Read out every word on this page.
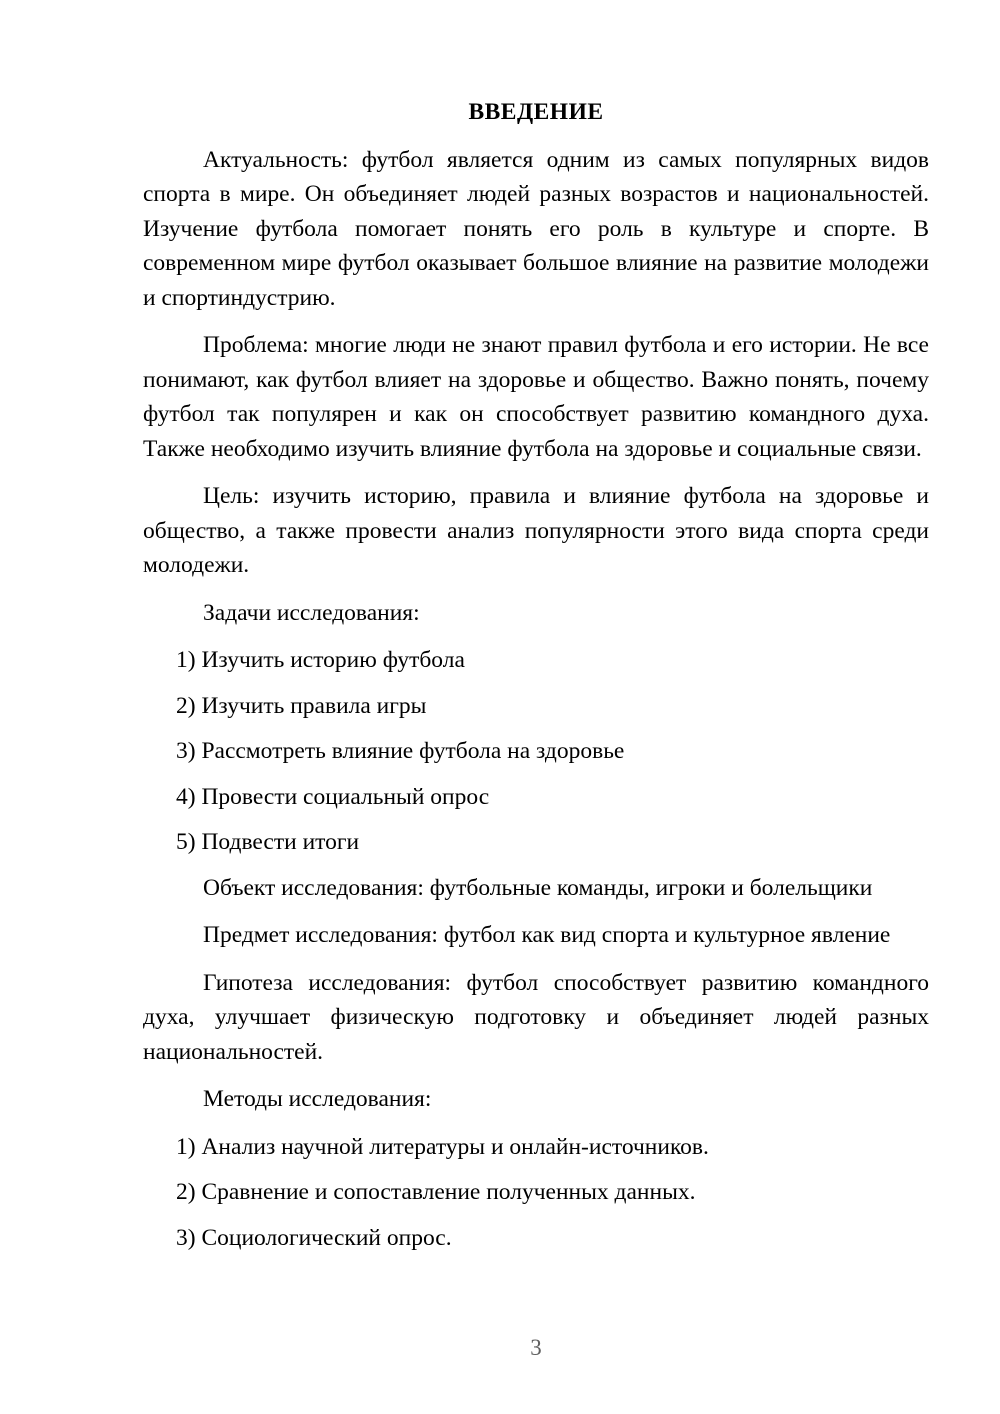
ВВЕДЕНИЕ

Актуальность: футбол является одним из самых популярных видов спорта в мире. Он объединяет людей разных возрастов и национальностей. Изучение футбола помогает понять его роль в культуре и спорте. В современном мире футбол оказывает большое влияние на развитие молодежи и спортиндустрию.

Проблема: многие люди не знают правил футбола и его истории. Не все понимают, как футбол влияет на здоровье и общество. Важно понять, почему футбол так популярен и как он способствует развитию командного духа. Также необходимо изучить влияние футбола на здоровье и социальные связи.

Цель: изучить историю, правила и влияние футбола на здоровье и общество, а также провести анализ популярности этого вида спорта среди молодежи.

Задачи исследования:

1) Изучить историю футбола
2) Изучить правила игры
3) Рассмотреть влияние футбола на здоровье
4) Провести социальный опрос
5) Подвести итоги

Объект исследования: футбольные команды, игроки и болельщики

Предмет исследования: футбол как вид спорта и культурное явление

Гипотеза исследования: футбол способствует развитию командного духа, улучшает физическую подготовку и объединяет людей разных национальностей.

Методы исследования:

1) Анализ научной литературы и онлайн-источников.
2) Сравнение и сопоставление полученных данных.
3) Социологический опрос.
3
